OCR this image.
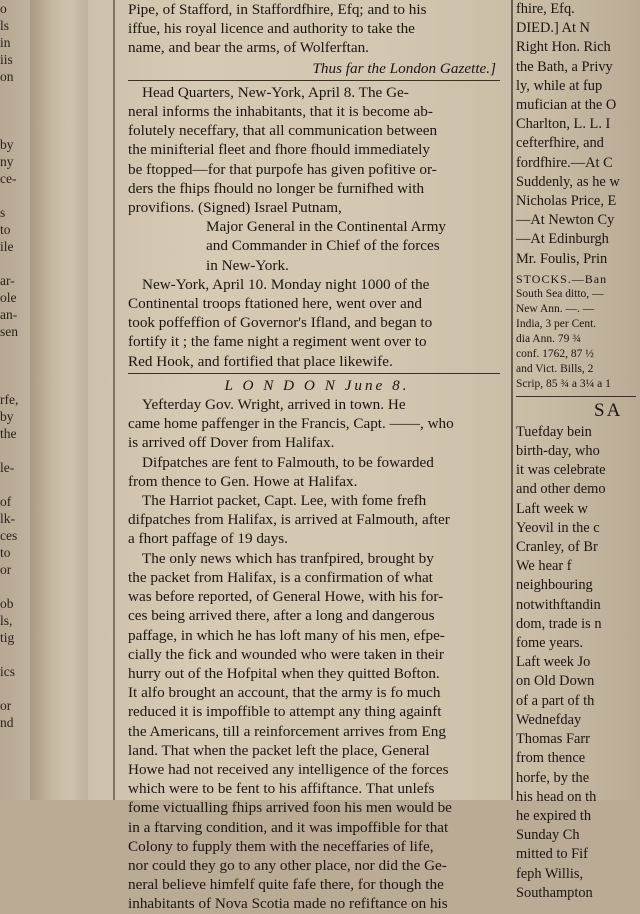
o
ls
in
iis
on
by
ny
ce-
s
to
ile
ar-
ole
an-
sen
rfe,
by
the
le-
of
lk-
ces
to
or
ob
ls,
tig
ics
or
nd
Pipe, of Stafford, in Staffordfhire, Efq; and to his
iffue, his royal licence and authority to take the
name, and bear the arms, of Wolferftan.
Thus far the London Gazette.]
Head Quarters, New-York, April 8. The Ge-
neral informs the inhabitants, that it is become ab-
folutely neceffary, that all communication between
the minifterial fleet and fhore fhould immediately
be ftopped—for that purpofe has given pofitive or-
ders the fhips fhould no longer be furnifhed with
provifions. (Signed) Israel Putnam,
Major General in the Continental Army
and Commander in Chief of the forces
in New-York.
New-York, April 10. Monday night 1000 of the
Continental troops ftationed here, went over and
took poffeffion of Governor's Ifland, and began to
fortify it ; the fame night a regiment went over to
Red Hook, and fortified that place likewife.
L O N D O N June 8.
Yefterday Gov. Wright, arrived in town. He
came home paffenger in the Francis, Capt. ——, who
is arrived off Dover from Halifax.
Difpatches are fent to Falmouth, to be fowarded
from thence to Gen. Howe at Halifax.
The Harriot packet, Capt. Lee, with fome frefh
difpatches from Halifax, is arrived at Falmouth, after
a fhort paffage of 19 days.
The only news which has tranfpired, brought by
the packet from Halifax, is a confirmation of what
was before reported, of General Howe, with his for-
ces being arrived there, after a long and dangerous
paffage, in which he has loft many of his men, efpe-
cially the fick and wounded who were taken in their
hurry out of the Hofpital when they quitted Bofton.
It alfo brought an account, that the army is fo much
reduced it is impoffible to attempt any thing againft
the Americans, till a reinforcement arrives from Eng
land. That when the packet left the place, General
Howe had not received any intelligence of the forces
which were to be fent to his affiftance. That unlefs
fome victualling fhips arrived foon his men would be
in a ftarving condition, and it was impoffible for that
Colony to fupply them with the neceffaries of life,
nor could they go to any other place, nor did the Ge-
neral believe himfelf quite fafe there, for though the
inhabitants of Nova Scotia made no refiftance on his
fhire, Efq.
DIED.] At N
Right Hon. Rich
the Bath, a Privy
ly, while at fup
mufician at the O
Charlton, L. L. I
cefterfhire, and
fordfhire.—At C
Suddenly, as he w
Nicholas Price, E
—At Newton Cy
—At Edinburgh
Mr. Foulis, Prin
STOCKS.—Ban
South Sea ditto, —
New Ann. —. —
India, 3 per Cent.
dia Ann. 79 ¾
conf. 1762, 87 ½
and Vict. Bills, 2
Scrip, 85 ¾ a 3¼ a 1
SA
Tuefday bein
birth-day, who
it was celebrate
and other demo
Laft week w
Yeovil in the c
Cranley, of Br
We hear f
neighbouring
notwithftandin
dom, trade is n
fome years.
Laft week Jo
on Old Down
of a part of th
Wednefday
Thomas Farr
from thence
horfe, by the
his head on th
he expired th
Sunday Ch
mitted to Fif
feph Willis,
Southampton
